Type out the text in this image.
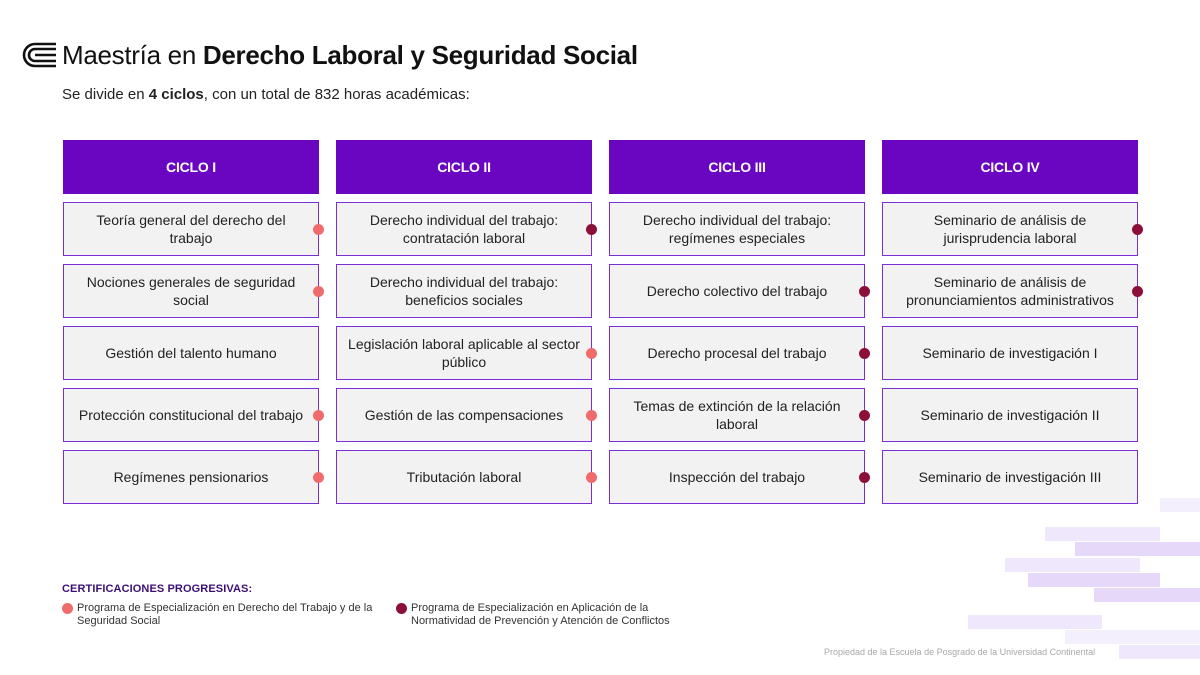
Maestría en Derecho Laboral y Seguridad Social
Se divide en 4 ciclos, con un total de 832 horas académicas:
CICLO I
Teoría general del derecho del trabajo
Nociones generales de seguridad social
Gestión del talento humano
Protección constitucional del trabajo
Regímenes pensionarios
CICLO II
Derecho individual del trabajo: contratación laboral
Derecho individual del trabajo: beneficios sociales
Legislación laboral aplicable al sector público
Gestión de las compensaciones
Tributación laboral
CICLO III
Derecho individual del trabajo: regímenes especiales
Derecho colectivo del trabajo
Derecho procesal del trabajo
Temas de extinción de la relación laboral
Inspección del trabajo
CICLO IV
Seminario de análisis de jurisprudencia laboral
Seminario de análisis de pronunciamientos administrativos
Seminario de investigación I
Seminario de investigación II
Seminario de investigación III
CERTIFICACIONES PROGRESIVAS:
Programa de Especialización en Derecho del Trabajo y de la Seguridad Social
Programa de Especialización en Aplicación de la Normatividad de Prevención y Atención de Conflictos
Propiedad de la Escuela de Posgrado de la Universidad Continental
